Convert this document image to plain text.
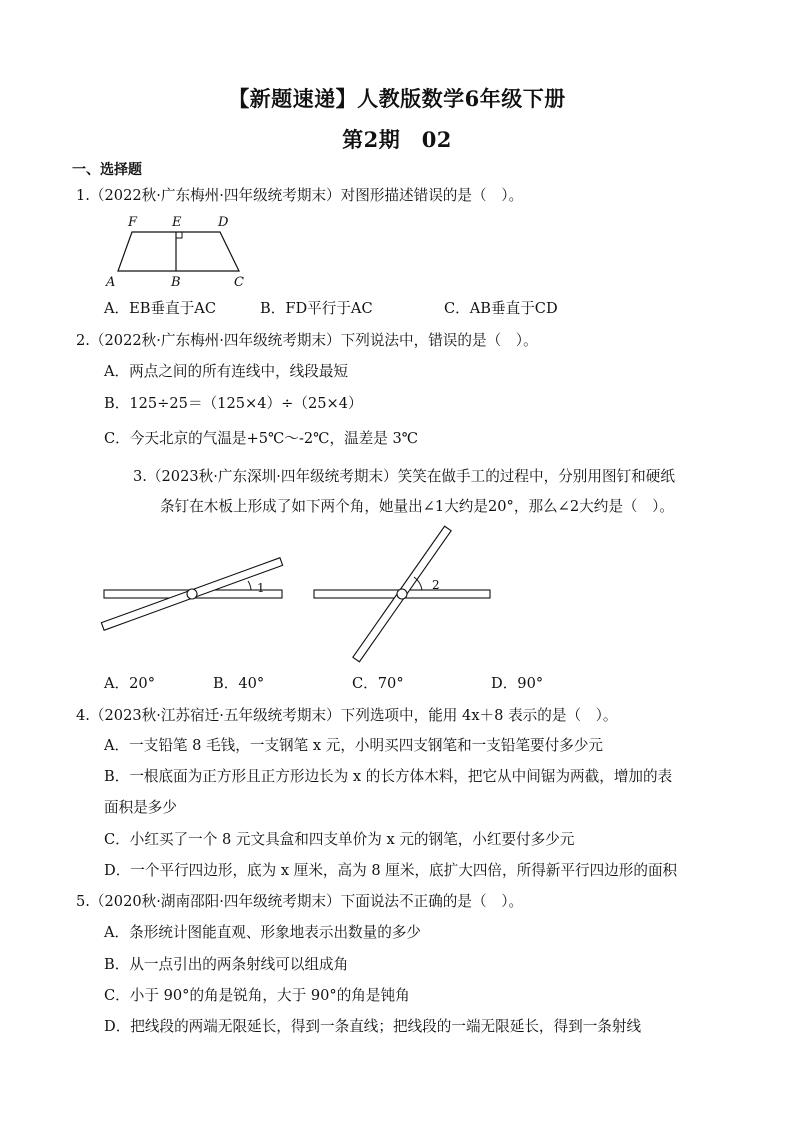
【新题速递】人教版数学6年级下册
第2期　02
一、选择题
1.（2022秋·广东梅州·四年级统考期末）对图形描述错误的是（　）。
F	E	D
A	B	C
A．EB垂直于AC	B．FD平行于AC	C．AB垂直于CD
2.（2022秋·广东梅州·四年级统考期末）下列说法中，错误的是（　）。
A．两点之间的所有连线中，线段最短
B．125÷25＝（125×4）÷（25×4）
C．今天北京的气温是+5℃～-2℃，温差是 3℃
3.（2023秋·广东深圳·四年级统考期末）笑笑在做手工的过程中，分别用图钉和硬纸
条钉在木板上形成了如下两个角，她量出∠1大约是20°，那么∠2大约是（　）。
1	2
A．20°	B．40°	C．70°	D．90°
4.（2023秋·江苏宿迁·五年级统考期末）下列选项中，能用 4x＋8 表示的是（　）。
A．一支铅笔 8 毛钱，一支钢笔 x 元，小明买四支钢笔和一支铅笔要付多少元
B．一根底面为正方形且正方形边长为 x 的长方体木料，把它从中间锯为两截，增加的表
面积是多少
C．小红买了一个 8 元文具盒和四支单价为 x 元的钢笔，小红要付多少元
D．一个平行四边形，底为 x 厘米，高为 8 厘米，底扩大四倍，所得新平行四边形的面积
5.（2020秋·湖南邵阳·四年级统考期末）下面说法不正确的是（　）。
A．条形统计图能直观、形象地表示出数量的多少
B．从一点引出的两条射线可以组成角
C．小于 90°的角是锐角，大于 90°的角是钝角
D．把线段的两端无限延长，得到一条直线；把线段的一端无限延长，得到一条射线
